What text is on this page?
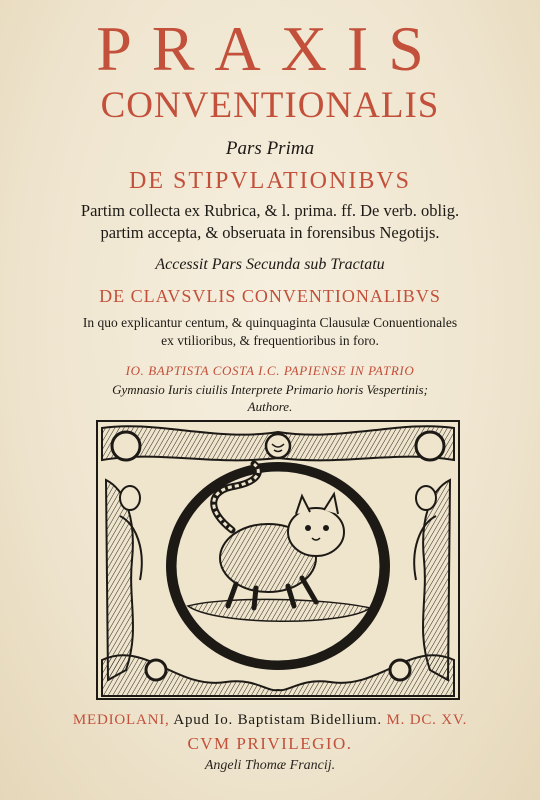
PRAXIS
CONVENTIONALIS
Pars Prima
DE STIPVLATIONIBVS
Partim collecta ex Rubrica, & l. prima. ff. De verb. oblig.
partim accepta, & obseruata in forensibus Negotijs.
Accessit Pars Secunda sub Tractatu
DE CLAVSVLIS CONVENTIONALIBVS
In quo explicantur centum, & quinquaginta Clausulæ Conuentionales
ex vtilioribus, & frequentioribus in foro.
IO. BAPTISTA COSTA I.C. PAPIENSE IN PATRIO
Gymnasio Iuris ciuilis Interprete Primario horis Vespertinis;
Authore.
MEDIOLANI, Apud Io. Baptistam Bidellium. M. DC. XV.
CVM PRIVILEGIO.
Angeli Thomæ Francij.
